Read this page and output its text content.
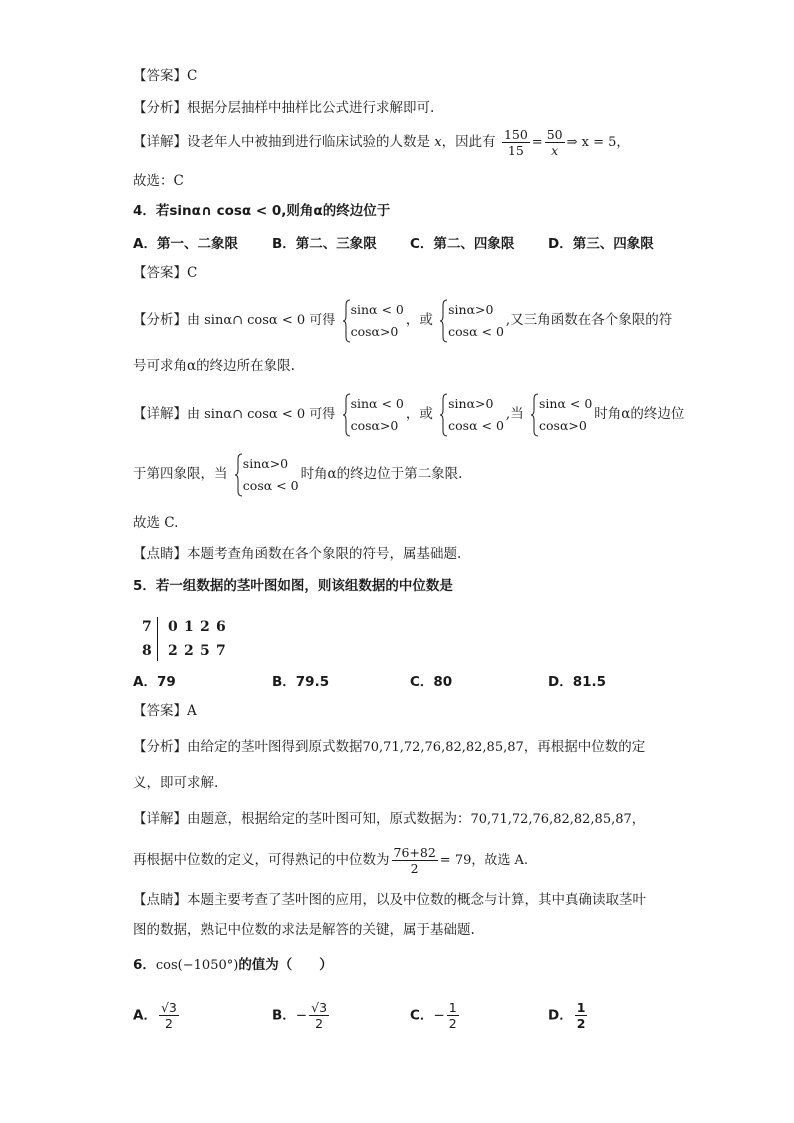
【答案】C
【分析】根据分层抽样中抽样比公式进行求解即可.
【详解】设老年人中被抽到进行临床试验的人数是 x，因此有 $\frac{150}{15} = \frac{50}{x}$ ⇒ x = 5，
故选：C
4．若sinα∩ cosα < 0,则角α的终边位于
A．第一、二象限	B．第二、三象限 C．第二、四象限 D．第三、四象限
【答案】C
【分析】由 sinα∩ cosα < 0 可得
sinα < 0
cosα>0
，或
sinα>0
cosα < 0
,又三角函数在各个象限的符
号可求角α的终边所在象限.
【详解】由 sinα∩ cosα < 0 可得
sinα < 0
cosα>0
，或
sinα>0
cosα < 0
,当
sinα < 0
cosα>0
时角α的终边位
于第四象限，当
sinα>0
cosα < 0
时角α的终边位于第二象限.
故选 C.
【点睛】本题考查角函数在各个象限的符号，属基础题.
5．若一组数据的茎叶图如图，则该组数据的中位数是
7	0 1 2 6
8	2 2 5 7
A．79	B．79.5	C．80	D．81.5
【答案】A
【分析】由给定的茎叶图得到原式数据70,71,72,76,82,82,85,87，再根据中位数的定
义，即可求解.
【详解】由题意，根据给定的茎叶图可知，原式数据为：70,71,72,76,82,82,85,87，
再根据中位数的定义，可得熟记的中位数为 $\frac{76+82}{2} = 79$，故选 A.
【点睛】本题主要考查了茎叶图的应用，以及中位数的概念与计算，其中真确读取茎叶
图的数据，熟记中位数的求法是解答的关键，属于基础题.
6．cos(−1050°)的值为（　　）
A． $\frac{√3}{2}$	B．− $\frac{√3}{2}$	C．− $\frac{1}{2}$	D． $\frac{1}{2}$
